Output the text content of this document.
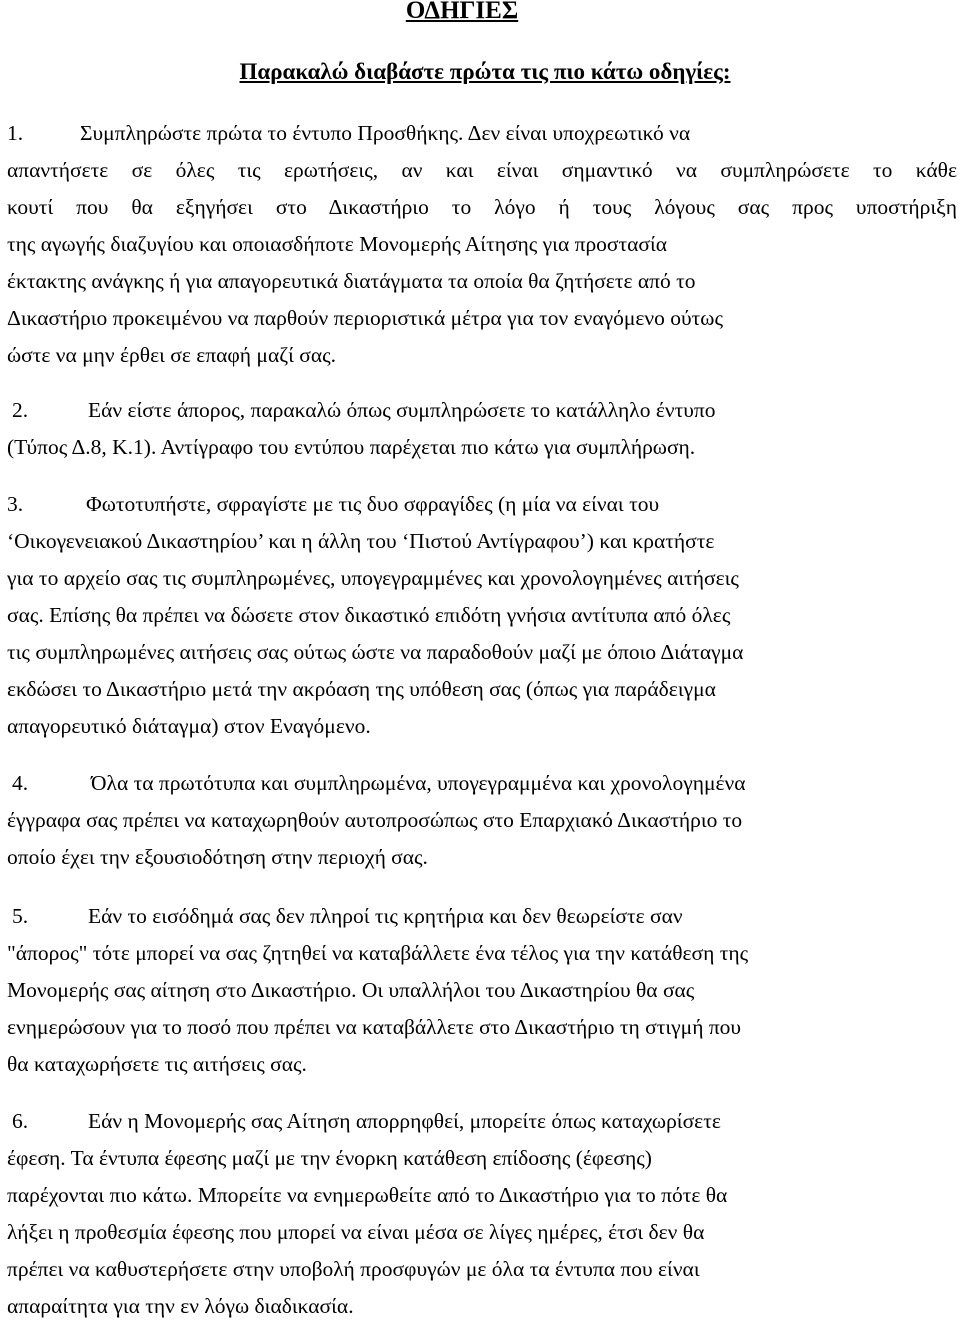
ΟΔΗΓΙΕΣ
Παρακαλώ διαβάστε πρώτα τις πιο κάτω οδηγίες:
1.	Συμπληρώστε πρώτα το έντυπο Προσθήκης. Δεν είναι υποχρεωτικό να
απαντήσετε σε όλες τις ερωτήσεις, αν και είναι σημαντικό να συμπληρώσετε το κάθε
κουτί που θα εξηγήσει στο Δικαστήριο το λόγο ή τους λόγους σας προς υποστήριξη
της αγωγής διαζυγίου και οποιασδήποτε Μονομερής Αίτησης για προστασία
έκτακτης ανάγκης ή για απαγορευτικά διατάγματα τα οποία θα ζητήσετε από το
Δικαστήριο προκειμένου να παρθούν περιοριστικά μέτρα για τον εναγόμενο ούτως
ώστε να μην έρθει σε επαφή μαζί σας.
2.	Εάν είστε άπορος, παρακαλώ όπως συμπληρώσετε το κατάλληλο έντυπο
(Τύπος Δ.8, Κ.1). Αντίγραφο του εντύπου παρέχεται πιο κάτω για συμπλήρωση.
3.	Φωτοτυπήστε, σφραγίστε με τις δυο σφραγίδες (η μία να είναι του
‘Οικογενειακού Δικαστηρίου’ και η άλλη του ‘Πιστού Αντίγραφου’) και κρατήστε
για το αρχείο σας τις συμπληρωμένες, υπογεγραμμένες και χρονολογημένες αιτήσεις
σας. Επίσης θα πρέπει να δώσετε στον δικαστικό επιδότη γνήσια αντίτυπα από όλες
τις συμπληρωμένες αιτήσεις σας ούτως ώστε να παραδοθούν μαζί με όποιο Διάταγμα
εκδώσει το Δικαστήριο μετά την ακρόαση της υπόθεση σας (όπως για παράδειγμα
απαγορευτικό διάταγμα) στον Εναγόμενο.
4.	Όλα τα πρωτότυπα και συμπληρωμένα, υπογεγραμμένα και χρονολογημένα
έγγραφα σας πρέπει να καταχωρηθούν αυτοπροσώπως στο Επαρχιακό Δικαστήριο το
οποίο έχει την εξουσιοδότηση στην περιοχή σας.
5.	Εάν το εισόδημά σας δεν πληροί τις κρητήρια και δεν θεωρείστε σαν
"άπορος" τότε μπορεί να σας ζητηθεί να καταβάλλετε ένα τέλος για την κατάθεση της
Μονομερής σας αίτηση στο Δικαστήριο. Οι υπαλλήλοι του Δικαστηρίου θα σας
ενημερώσουν για το ποσό που πρέπει να καταβάλλετε στο Δικαστήριο τη στιγμή που
θα καταχωρήσετε τις αιτήσεις σας.
6.	Εάν η Μονομερής σας Αίτηση απορρηφθεί, μπορείτε όπως καταχωρίσετε
έφεση. Τα έντυπα έφεσης μαζί με την ένορκη κατάθεση επίδοσης (έφεσης)
παρέχονται πιο κάτω. Μπορείτε να ενημερωθείτε από το Δικαστήριο για το πότε θα
λήξει η προθεσμία έφεσης που μπορεί να είναι μέσα σε λίγες ημέρες, έτσι δεν θα
πρέπει να καθυστερήσετε στην υποβολή προσφυγών με όλα τα έντυπα που είναι
απαραίτητα για την εν λόγω διαδικασία.
